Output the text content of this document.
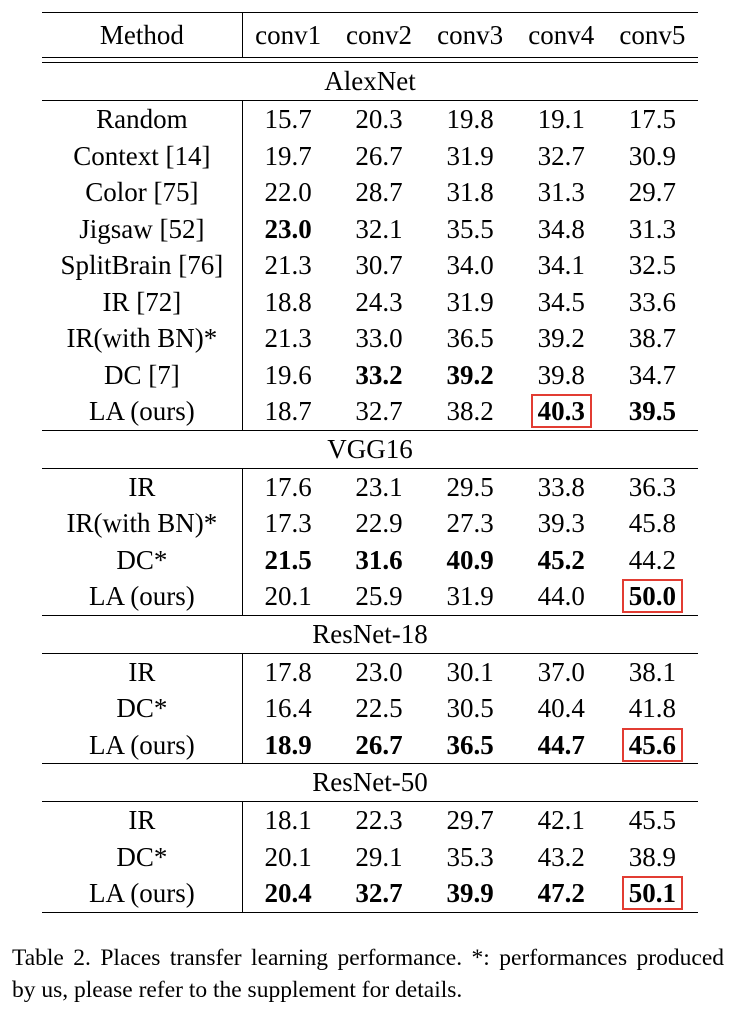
Method	conv1	conv2	conv3	conv4	conv5

AlexNet					
Random	15.7	20.3	19.8	19.1	17.5
Context [14]	19.7	26.7	31.9	32.7	30.9
Color [75]	22.0	28.7	31.8	31.3	29.7
Jigsaw [52]	23.0	32.1	35.5	34.8	31.3
SplitBrain [76]	21.3	30.7	34.0	34.1	32.5
IR [72]	18.8	24.3	31.9	34.5	33.6
IR(with BN)*	21.3	33.0	36.5	39.2	38.7
DC [7]	19.6	33.2	39.2	39.8	34.7
LA (ours)	18.7	32.7	38.2	40.3	39.5
VGG16					
IR	17.6	23.1	29.5	33.8	36.3
IR(with BN)*	17.3	22.9	27.3	39.3	45.8
DC*	21.5	31.6	40.9	45.2	44.2
LA (ours)	20.1	25.9	31.9	44.0	50.0
ResNet-18					
IR	17.8	23.0	30.1	37.0	38.1
DC*	16.4	22.5	30.5	40.4	41.8
LA (ours)	18.9	26.7	36.5	44.7	45.6
ResNet-50					
IR	18.1	22.3	29.7	42.1	45.5
DC*	20.1	29.1	35.3	43.2	38.9
LA (ours)	20.4	32.7	39.9	47.2	50.1
Table 2. Places transfer learning performance. *: performances produced by us, please refer to the supplement for details.
